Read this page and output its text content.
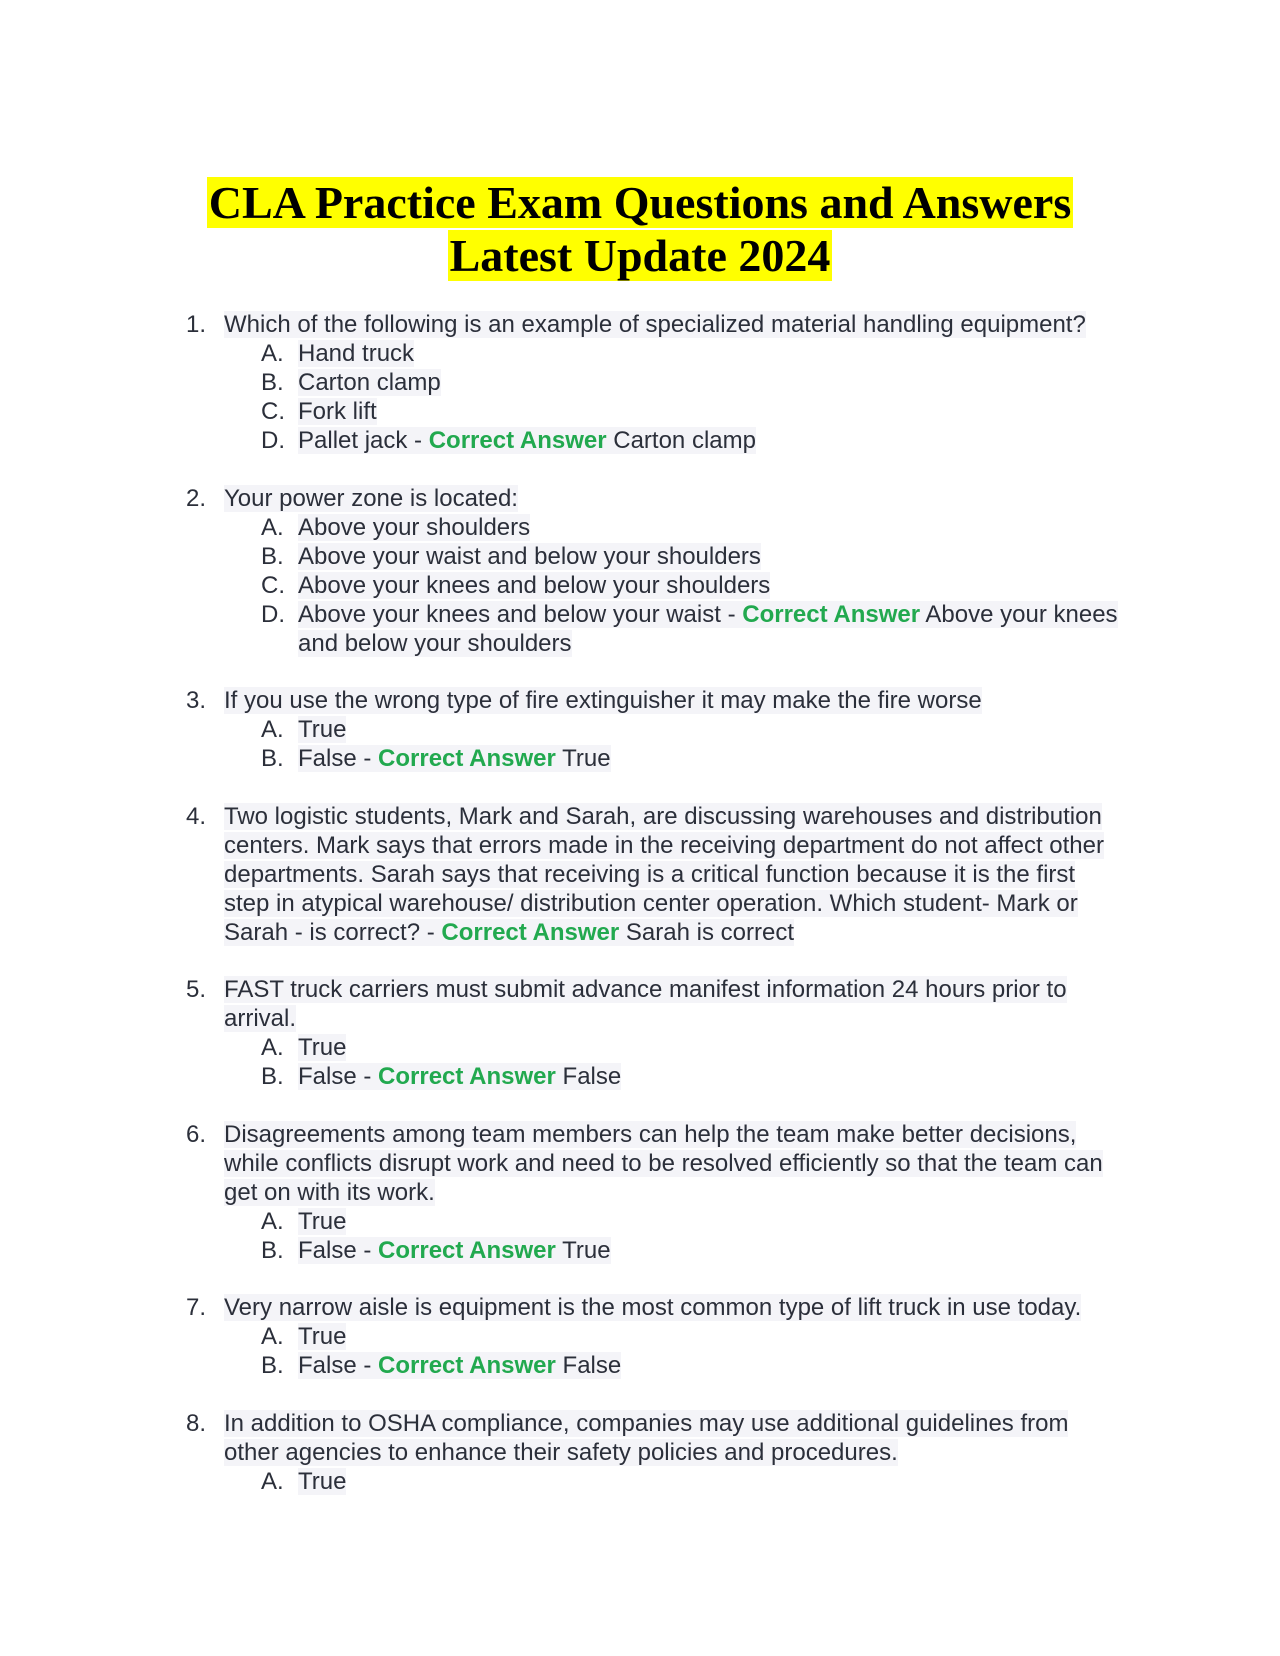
CLA Practice Exam Questions and Answers
Latest Update 2024
1. Which of the following is an example of specialized material handling equipment?
A. Hand truck
B. Carton clamp
C. Fork lift
D. Pallet jack - Correct Answer Carton clamp
2. Your power zone is located:
A. Above your shoulders
B. Above your waist and below your shoulders
C. Above your knees and below your shoulders
D. Above your knees and below your waist - Correct Answer Above your knees and below your shoulders
3. If you use the wrong type of fire extinguisher it may make the fire worse
A. True
B. False - Correct Answer True
4. Two logistic students, Mark and Sarah, are discussing warehouses and distribution centers. Mark says that errors made in the receiving department do not affect other departments. Sarah says that receiving is a critical function because it is the first step in atypical warehouse/ distribution center operation. Which student- Mark or Sarah - is correct? - Correct Answer Sarah is correct
5. FAST truck carriers must submit advance manifest information 24 hours prior to arrival.
A. True
B. False - Correct Answer False
6. Disagreements among team members can help the team make better decisions, while conflicts disrupt work and need to be resolved efficiently so that the team can get on with its work.
A. True
B. False - Correct Answer True
7. Very narrow aisle is equipment is the most common type of lift truck in use today.
A. True
B. False - Correct Answer False
8. In addition to OSHA compliance, companies may use additional guidelines from other agencies to enhance their safety policies and procedures.
A. True
